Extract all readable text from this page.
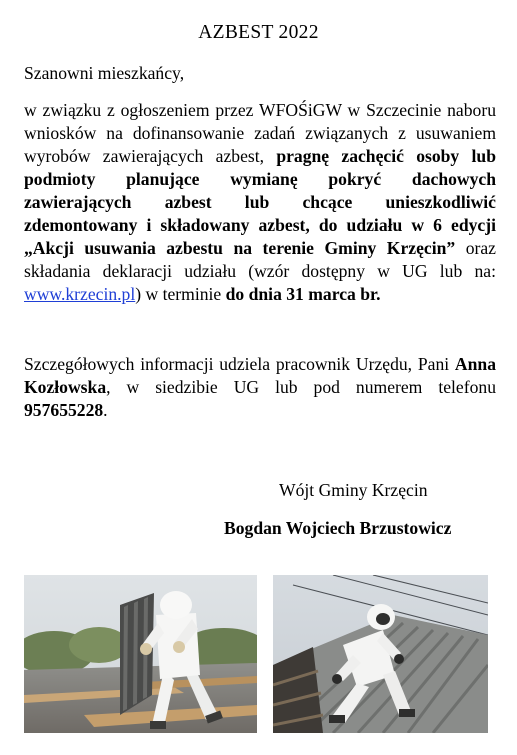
AZBEST 2022
Szanowni mieszkańcy,
w związku z ogłoszeniem przez WFOŚiGW w Szczecinie naboru wniosków na dofinansowanie zadań związanych z usuwaniem wyrobów zawierających azbest, pragnę zachęcić osoby lub podmioty planujące wymianę pokryć dachowych zawierających azbest lub chcące unieszkodliwić zdemontowany i składowany azbest, do udziału w 6 edycji „Akcji usuwania azbestu na terenie Gminy Krzęcin” oraz składania deklaracji udziału (wzór dostępny w UG lub na: www.krzecin.pl) w terminie do dnia 31 marca br.
Szczegółowych informacji udziela pracownik Urzędu, Pani Anna Kozłowska, w siedzibie UG lub pod numerem telefonu 957655228.
Wójt Gminy Krzęcin
Bogdan Wojciech Brzustowicz
